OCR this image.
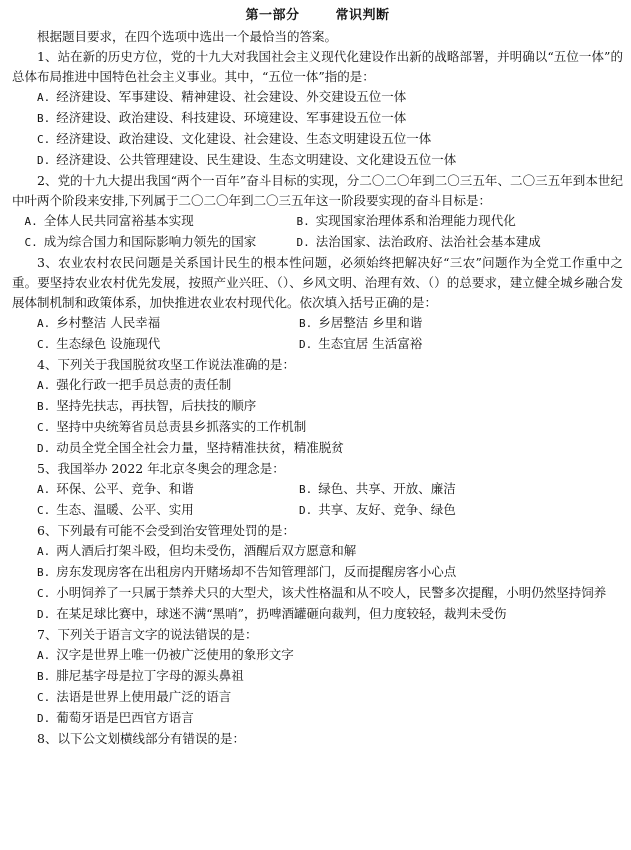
第一部分	常识判断
根据题目要求，在四个选项中选出一个最恰当的答案。
1、站在新的历史方位，党的十九大对我国社会主义现代化建设作出新的战略部署，并明确以“五位一体”的总体布局推进中国特色社会主义事业。其中，“五位一体”指的是：
A. 经济建设、军事建设、精神建设、社会建设、外交建设五位一体
B. 经济建设、政治建设、科技建设、环境建设、军事建设五位一体
C. 经济建设、政治建设、文化建设、社会建设、生态文明建设五位一体
D. 经济建设、公共管理建设、民生建设、生态文明建设、文化建设五位一体
2、党的十九大提出我国“两个一百年”奋斗目标的实现，分二〇二〇年到二〇三五年、二〇三五年到本世纪中叶两个阶段来安排,下列属于二〇二〇年到二〇三五年这一阶段要实现的奋斗目标是：
A. 全体人民共同富裕基本实现	B. 实现国家治理体系和治理能力现代化
C. 成为综合国力和国际影响力领先的国家	D. 法治国家、法治政府、法治社会基本建成
3、农业农村农民问题是关系国计民生的根本性问题，必须始终把解决好“三农”问题作为全党工作重中之重。要坚持农业农村优先发展，按照产业兴旺、（）、乡风文明、治理有效、（）的总要求，建立健全城乡融合发展体制机制和政策体系，加快推进农业农村现代化。依次填入括号正确的是：
A. 乡村整洁 人民幸福	B. 乡居整洁 乡里和谐
C. 生态绿色 设施现代	D. 生态宜居 生活富裕
4、下列关于我国脱贫攻坚工作说法准确的是：
A. 强化行政一把手员总责的责任制
B. 坚持先扶志，再扶智，后扶技的顺序
C. 坚持中央统筹省员总责县乡抓落实的工作机制
D. 动员全党全国全社会力量，坚持精准扶贫，精准脱贫
5、我国举办 2022 年北京冬奥会的理念是：
A. 环保、公平、竞争、和谐	B. 绿色、共享、开放、廉洁
C. 生态、温暖、公平、实用	D. 共享、友好、竞争、绿色
6、下列最有可能不会受到治安管理处罚的是：
A. 两人酒后打架斗殴，但均未受伤，酒醒后双方愿意和解
B. 房东发现房客在出租房内开赌场却不告知管理部门，反而提醒房客小心点
C. 小明饲养了一只属于禁养犬只的大型犬，该犬性格温和从不咬人，民警多次提醒，小明仍然坚持饲养
D. 在某足球比赛中，球迷不满“黑哨”，扔啤酒罐砸向裁判，但力度较轻，裁判未受伤
7、下列关于语言文字的说法错误的是：
A. 汉字是世界上唯一仍被广泛使用的象形文字
B. 腓尼基字母是拉丁字母的源头鼻祖
C. 法语是世界上使用最广泛的语言
D. 葡萄牙语是巴西官方语言
8、以下公文划横线部分有错误的是：
